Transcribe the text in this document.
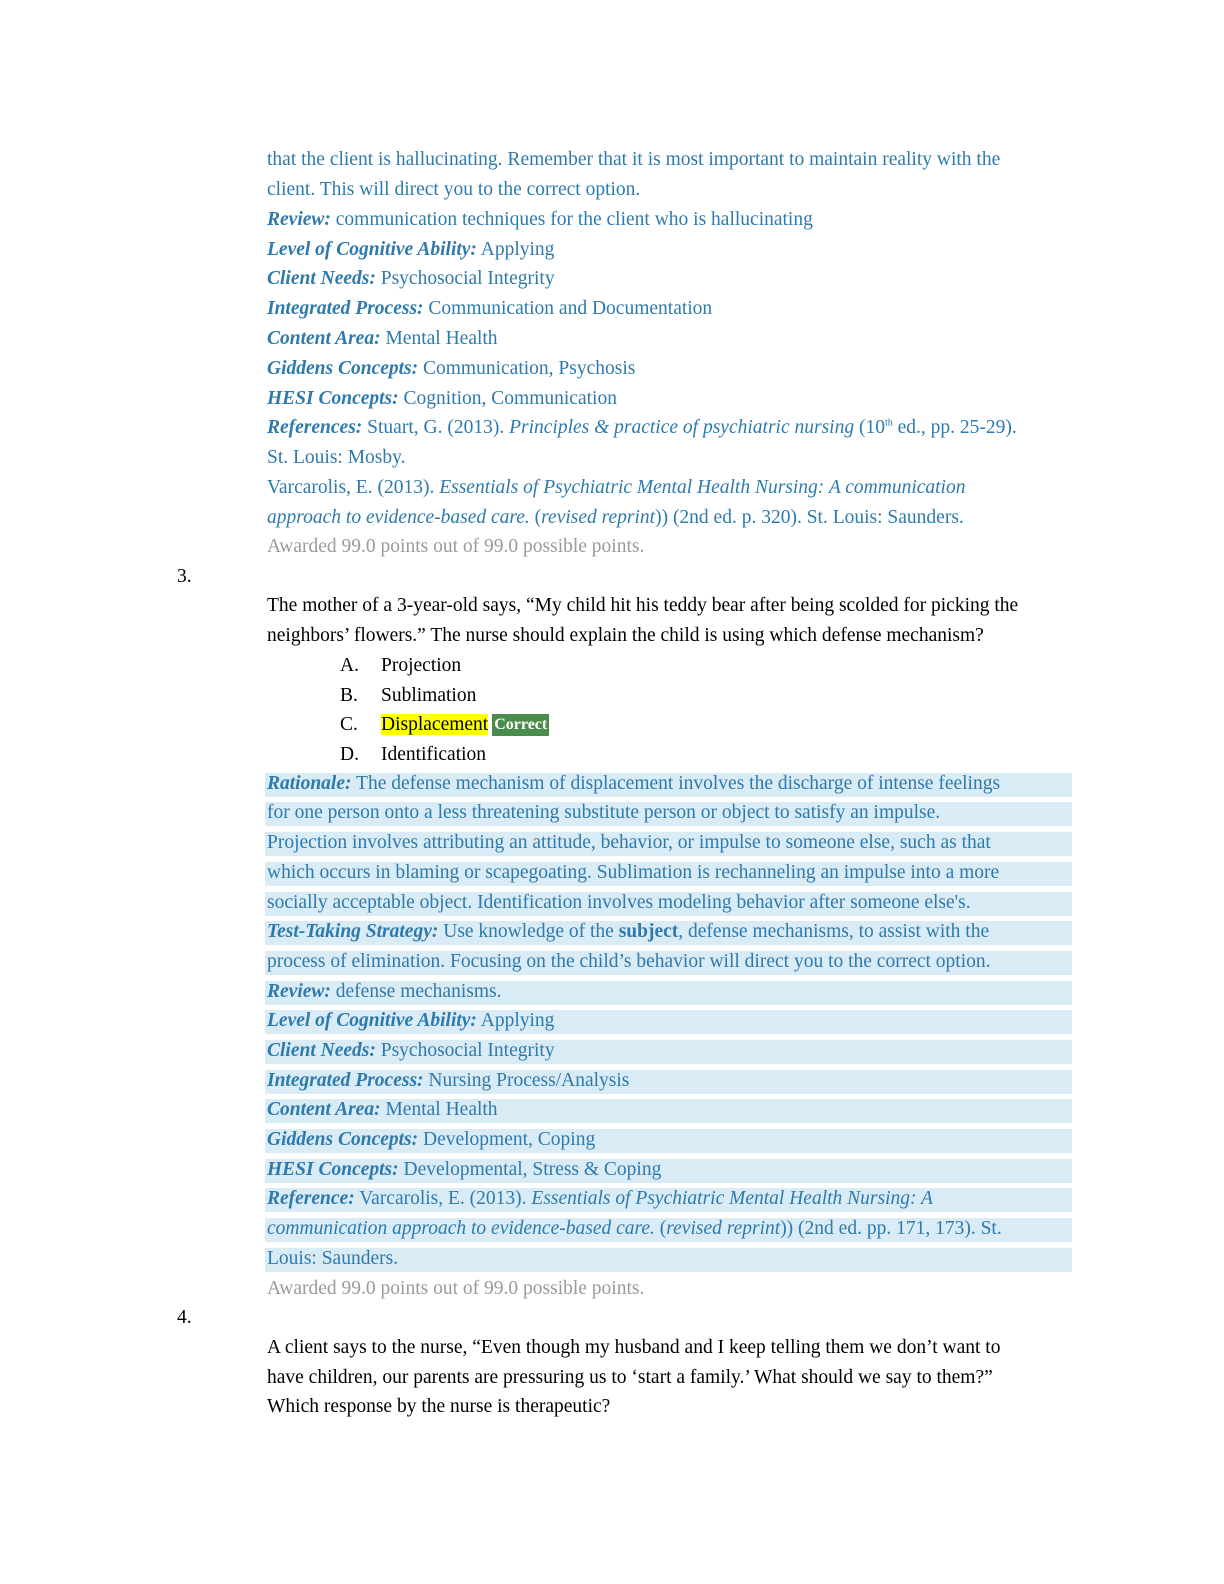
that the client is hallucinating. Remember that it is most important to maintain reality with the
client. This will direct you to the correct option.
Review: communication techniques for the client who is hallucinating
Level of Cognitive Ability: Applying
Client Needs: Psychosocial Integrity
Integrated Process: Communication and Documentation
Content Area: Mental Health
Giddens Concepts: Communication, Psychosis
HESI Concepts: Cognition, Communication
References: Stuart, G. (2013). Principles & practice of psychiatric nursing (10th ed., pp. 25-29).
St. Louis: Mosby.
Varcarolis, E. (2013). Essentials of Psychiatric Mental Health Nursing: A communication
approach to evidence-based care. (revised reprint)) (2nd ed. p. 320). St. Louis: Saunders.
Awarded 99.0 points out of 99.0 possible points.
3.
The mother of a 3-year-old says, “My child hit his teddy bear after being scolded for picking the
neighbors’ flowers.” The nurse should explain the child is using which defense mechanism?
A. Projection
B. Sublimation
C. Displacement Correct
D. Identification
Rationale: The defense mechanism of displacement involves the discharge of intense feelings
for one person onto a less threatening substitute person or object to satisfy an impulse.
Projection involves attributing an attitude, behavior, or impulse to someone else, such as that
which occurs in blaming or scapegoating. Sublimation is rechanneling an impulse into a more
socially acceptable object. Identification involves modeling behavior after someone else's.
Test-Taking Strategy: Use knowledge of the subject, defense mechanisms, to assist with the
process of elimination. Focusing on the child’s behavior will direct you to the correct option.
Review: defense mechanisms.
Level of Cognitive Ability: Applying
Client Needs: Psychosocial Integrity
Integrated Process: Nursing Process/Analysis
Content Area: Mental Health
Giddens Concepts: Development, Coping
HESI Concepts: Developmental, Stress & Coping
Reference: Varcarolis, E. (2013). Essentials of Psychiatric Mental Health Nursing: A
communication approach to evidence-based care. (revised reprint)) (2nd ed. pp. 171, 173). St.
Louis: Saunders.
Awarded 99.0 points out of 99.0 possible points.
4.
A client says to the nurse, “Even though my husband and I keep telling them we don’t want to
have children, our parents are pressuring us to ‘start a family.’ What should we say to them?”
Which response by the nurse is therapeutic?
